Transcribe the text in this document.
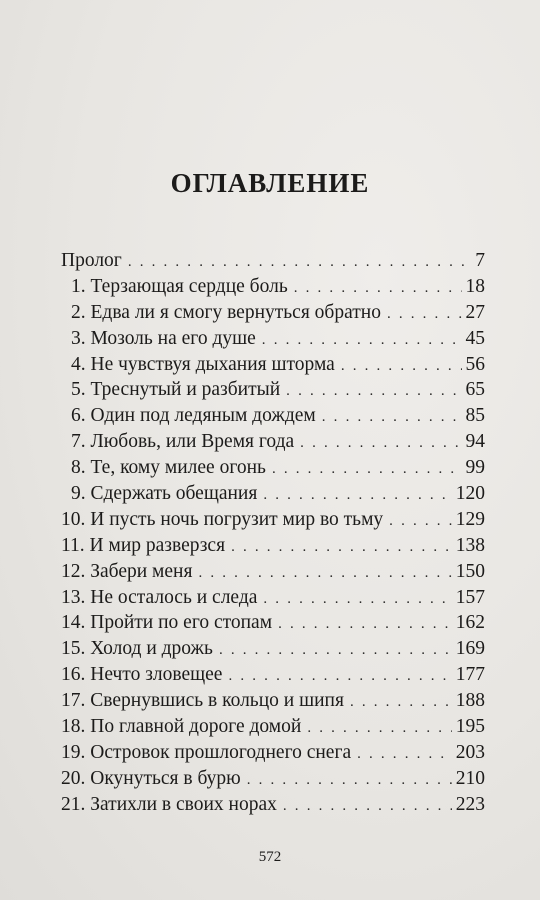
ОГЛАВЛЕНИЕ
Пролог . . .	7
1. Терзающая сердце боль . . .	18
2. Едва ли я смогу вернуться обратно . . .	27
3. Мозоль на его душе . . .	45
4. Не чувствуя дыхания шторма . . .	56
5. Треснутый и разбитый . . .	65
6. Один под ледяным дождем . . .	85
7. Любовь, или Время года . . .	94
8. Те, кому милее огонь . . .	99
9. Сдержать обещания . . .	120
10. И пусть ночь погрузит мир во тьму . . .	129
11. И мир разверзся . . .	138
12. Забери меня . . .	150
13. Не осталось и следа . . .	157
14. Пройти по его стопам . . .	162
15. Холод и дрожь . . .	169
16. Нечто зловещее . . .	177
17. Свернувшись в кольцо и шипя . . .	188
18. По главной дороге домой . . .	195
19. Островок прошлогоднего снега . . .	203
20. Окунуться в бурю . . .	210
21. Затихли в своих норах . . .	223
572
